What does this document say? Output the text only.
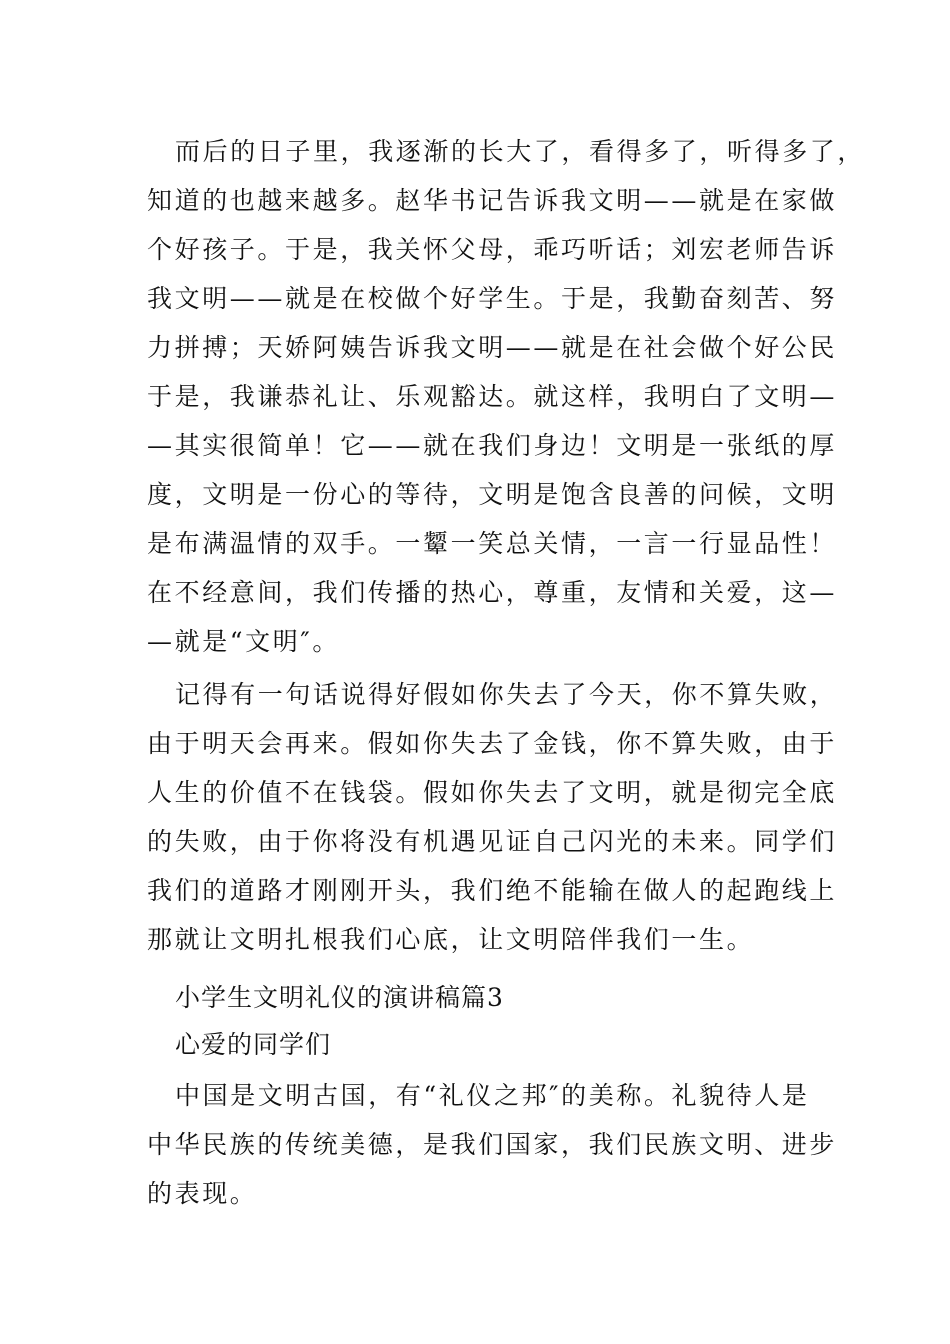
而后的日子里，我逐渐的长大了，看得多了，听得多了，
知道的也越来越多。赵华书记告诉我文明——就是在家做
个好孩子。于是，我关怀父母，乖巧听话；刘宏老师告诉
我文明——就是在校做个好学生。于是，我勤奋刻苦、努
力拼搏；天娇阿姨告诉我文明——就是在社会做个好公民
于是，我谦恭礼让、乐观豁达。就这样，我明白了文明—
—其实很简单！它——就在我们身边！文明是一张纸的厚
度，文明是一份心的等待，文明是饱含良善的问候，文明
是布满温情的双手。一颦一笑总关情，一言一行显品性！
在不经意间，我们传播的热心，尊重，友情和关爱，这—
—就是“文明″。
记得有一句话说得好假如你失去了今天，你不算失败，
由于明天会再来。假如你失去了金钱，你不算失败，由于
人生的价值不在钱袋。假如你失去了文明，就是彻完全底
的失败，由于你将没有机遇见证自己闪光的未来。同学们
我们的道路才刚刚开头，我们绝不能输在做人的起跑线上
那就让文明扎根我们心底，让文明陪伴我们一生。
小学生文明礼仪的演讲稿篇3
心爱的同学们
中国是文明古国，有“礼仪之邦″的美称。礼貌待人是
中华民族的传统美德，是我们国家，我们民族文明、进步
的表现。
